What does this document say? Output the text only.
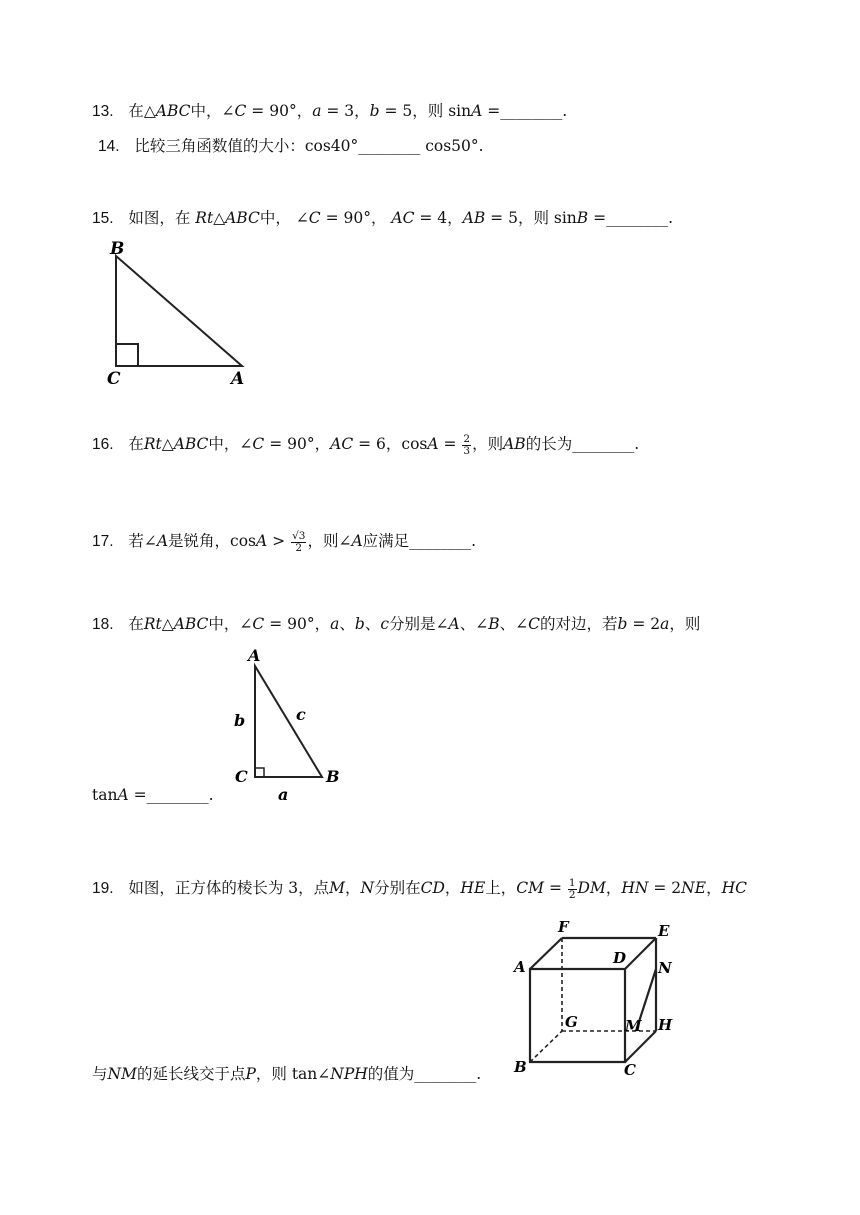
13. 在△ABC中，∠C = 90°，a = 3，b = 5，则 sinA =________.
14. 比较三角函数值的大小：cos40°________ cos50°.
15. 如图，在 Rt△ABC中， ∠C = 90°， AC = 4，AB = 5，则 sinB =________.
B
C	A
16. 在Rt△ABC中，∠C = 90°，AC = 6，$\cos A = \frac{2}{3}$ ，则AB的长为________.
17. 若∠A是锐角，$\cos A > \frac{√3}{2}$ ，则∠A应满足________.
18. 在Rt△ABC中，∠C = 90°，a、b、c分别是∠A、∠B、∠C的对边，若b = 2a，则
tanA =________.
A
b	c
C	B
a
19. 如图，正方体的棱长为 3，点M，N分别在CD，HE上，CM = $\frac{1}{2}$ DM，HN = 2NE，HC
与NM的延长线交于点P，则 tan∠NPH的值为________.
F	E
A	D
N
G	M H
B	C
